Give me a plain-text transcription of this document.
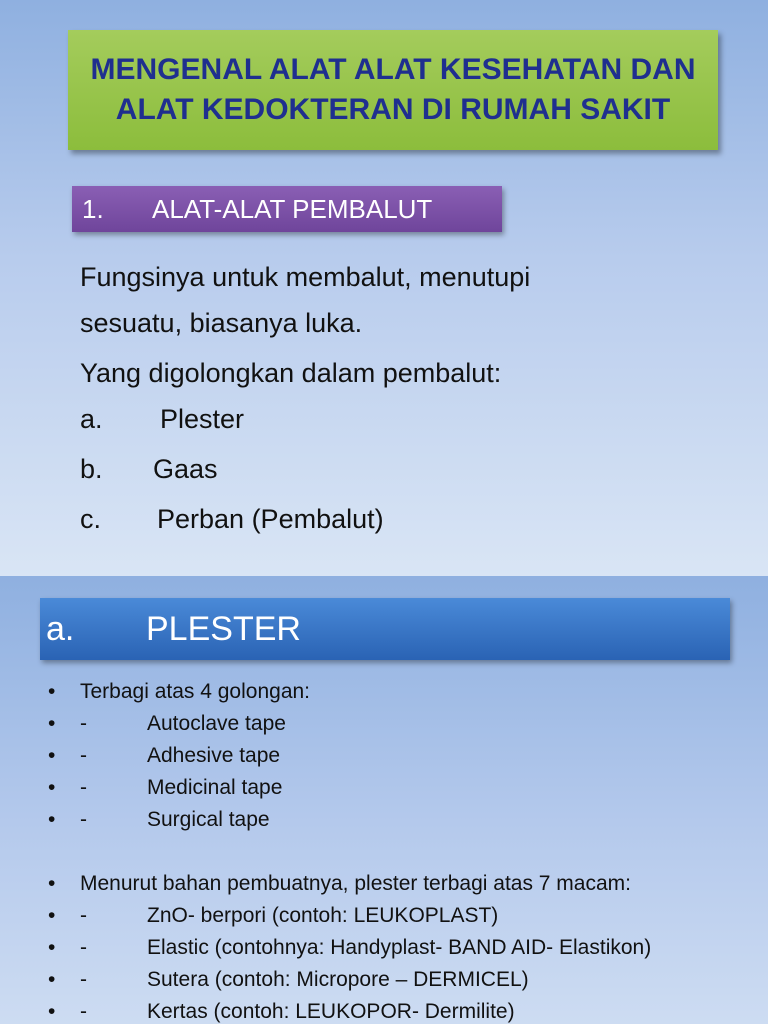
MENGENAL ALAT ALAT KESEHATAN DAN
ALAT KEDOKTERAN DI RUMAH SAKIT
1. ALAT-ALAT PEMBALUT
Fungsinya untuk membalut, menutupi
sesuatu, biasanya luka.
Yang digolongkan dalam pembalut:
a. Plester
b. Gaas
c. Perban (Pembalut)
a. PLESTER
• Terbagi atas 4 golongan:
• -	Autoclave tape
• -	Adhesive tape
• -	Medicinal tape
• -	Surgical tape
• Menurut bahan pembuatnya, plester terbagi atas 7 macam:
• -	ZnO- berpori (contoh: LEUKOPLAST)
• -	Elastic (contohnya: Handyplast- BAND AID- Elastikon)
• -	Sutera (contoh: Micropore – DERMICEL)
• -	Kertas (contoh: LEUKOPOR- Dermilite)
